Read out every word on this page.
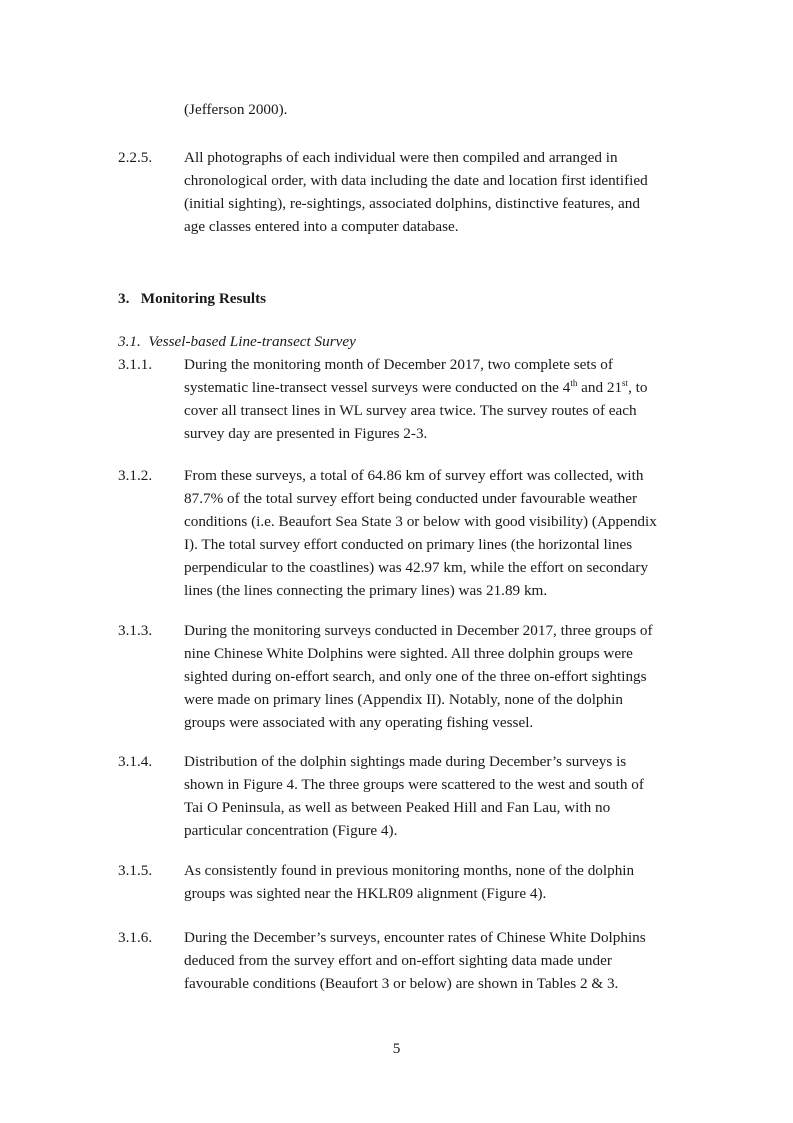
(Jefferson 2000).
2.2.5. All photographs of each individual were then compiled and arranged in
chronological order, with data including the date and location first identified
(initial sighting), re-sightings, associated dolphins, distinctive features, and
age classes entered into a computer database.
3. Monitoring Results
3.1. Vessel-based Line-transect Survey
3.1.1. During the monitoring month of December 2017, two complete sets of
systematic line-transect vessel surveys were conducted on the 4th and 21st, to
cover all transect lines in WL survey area twice. The survey routes of each
survey day are presented in Figures 2-3.
3.1.2. From these surveys, a total of 64.86 km of survey effort was collected, with
87.7% of the total survey effort being conducted under favourable weather
conditions (i.e. Beaufort Sea State 3 or below with good visibility) (Appendix
I). The total survey effort conducted on primary lines (the horizontal lines
perpendicular to the coastlines) was 42.97 km, while the effort on secondary
lines (the lines connecting the primary lines) was 21.89 km.
3.1.3. During the monitoring surveys conducted in December 2017, three groups of
nine Chinese White Dolphins were sighted. All three dolphin groups were
sighted during on-effort search, and only one of the three on-effort sightings
were made on primary lines (Appendix II). Notably, none of the dolphin
groups were associated with any operating fishing vessel.
3.1.4. Distribution of the dolphin sightings made during December’s surveys is
shown in Figure 4. The three groups were scattered to the west and south of
Tai O Peninsula, as well as between Peaked Hill and Fan Lau, with no
particular concentration (Figure 4).
3.1.5. As consistently found in previous monitoring months, none of the dolphin
groups was sighted near the HKLR09 alignment (Figure 4).
3.1.6. During the December’s surveys, encounter rates of Chinese White Dolphins
deduced from the survey effort and on-effort sighting data made under
favourable conditions (Beaufort 3 or below) are shown in Tables 2 & 3.
5
